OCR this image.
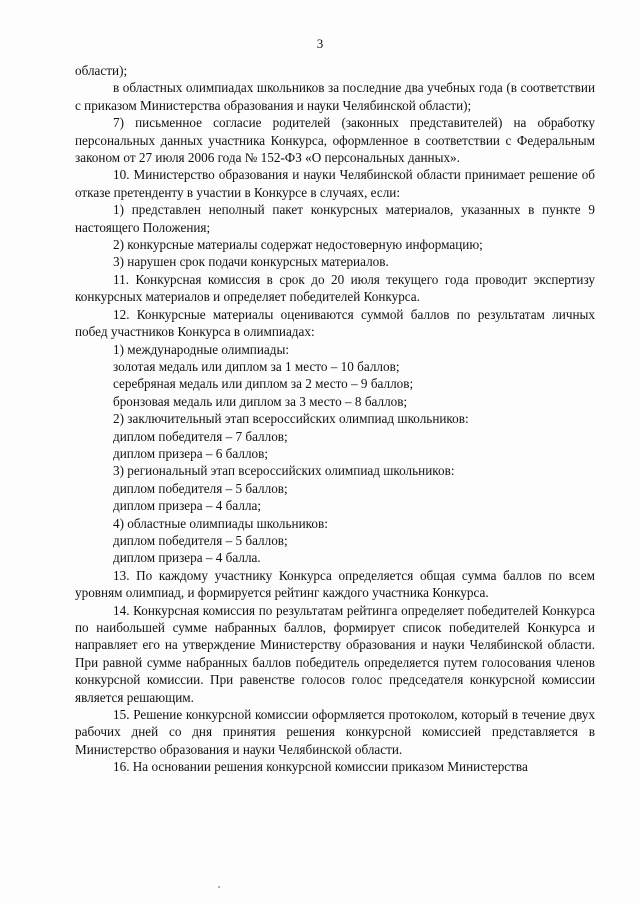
3

области);

в областных олимпиадах школьников за последние два учебных года (в соответствии с приказом Министерства образования и науки Челябинской области);

7) письменное согласие родителей (законных представителей) на обработку персональных данных участника Конкурса, оформленное в соответствии с Федеральным законом от 27 июля 2006 года № 152-ФЗ «О персональных данных».

10. Министерство образования и науки Челябинской области принимает решение об отказе претенденту в участии в Конкурсе в случаях, если:

1) представлен неполный пакет конкурсных материалов, указанных в пункте 9 настоящего Положения;

2) конкурсные материалы содержат недостоверную информацию;

3) нарушен срок подачи конкурсных материалов.

11. Конкурсная комиссия в срок до 20 июля текущего года проводит экспертизу конкурсных материалов и определяет победителей Конкурса.

12. Конкурсные материалы оцениваются суммой баллов по результатам личных побед участников Конкурса в олимпиадах:

1) международные олимпиады:

золотая медаль или диплом за 1 место – 10 баллов;

серебряная медаль или диплом за 2 место – 9 баллов;

бронзовая медаль или диплом за 3 место – 8 баллов;

2) заключительный этап всероссийских олимпиад школьников:

диплом победителя – 7 баллов;

диплом призера – 6 баллов;

3) региональный этап всероссийских олимпиад школьников:

диплом победителя – 5 баллов;

диплом призера – 4 балла;

4) областные олимпиады школьников:

диплом победителя – 5 баллов;

диплом призера – 4 балла.

13. По каждому участнику Конкурса определяется общая сумма баллов по всем уровням олимпиад, и формируется рейтинг каждого участника Конкурса.

14. Конкурсная комиссия по результатам рейтинга определяет победителей Конкурса по наибольшей сумме набранных баллов, формирует список победителей Конкурса и направляет его на утверждение Министерству образования и науки Челябинской области. При равной сумме набранных баллов победитель определяется путем голосования членов конкурсной комиссии. При равенстве голосов голос председателя конкурсной комиссии является решающим.

15. Решение конкурсной комиссии оформляется протоколом, который в течение двух рабочих дней со дня принятия решения конкурсной комиссией представляется в Министерство образования и науки Челябинской области.

16. На основании решения конкурсной комиссии приказом Министерства
